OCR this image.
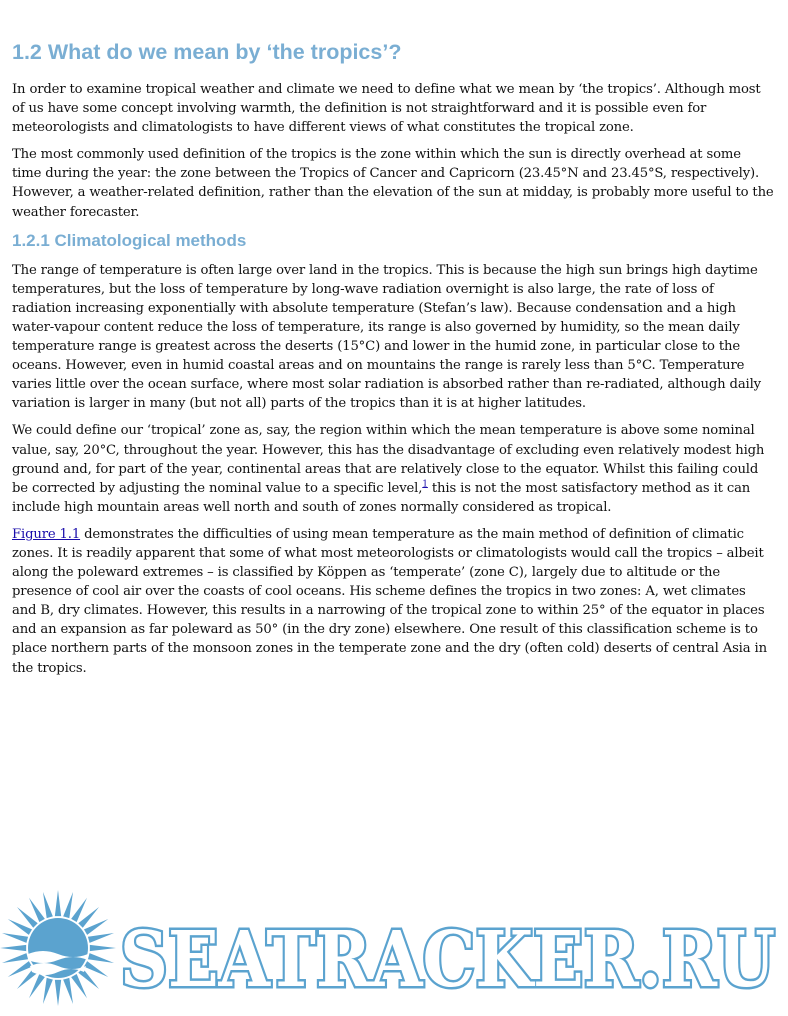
1.2 What do we mean by ‘the tropics’?

In order to examine tropical weather and climate we need to define what we mean by ‘the tropics’. Although most of us have some concept involving warmth, the definition is not straightforward and it is possible even for meteorologists and climatologists to have different views of what constitutes the tropical zone.

The most commonly used definition of the tropics is the zone within which the sun is directly overhead at some time during the year: the zone between the Tropics of Cancer and Capricorn (23.45°N and 23.45°S, respectively). However, a weather-related definition, rather than the elevation of the sun at midday, is probably more useful to the weather forecaster.

1.2.1 Climatological methods

The range of temperature is often large over land in the tropics. This is because the high sun brings high daytime temperatures, but the loss of temperature by long-wave radiation overnight is also large, the rate of loss of radiation increasing exponentially with absolute temperature (Stefan’s law). Because condensation and a high water-vapour content reduce the loss of temperature, its range is also governed by humidity, so the mean daily temperature range is greatest across the deserts (15°C) and lower in the humid zone, in particular close to the oceans. However, even in humid coastal areas and on mountains the range is rarely less than 5°C. Temperature varies little over the ocean surface, where most solar radiation is absorbed rather than re-radiated, although daily variation is larger in many (but not all) parts of the tropics than it is at higher latitudes.

We could define our ‘tropical’ zone as, say, the region within which the mean temperature is above some nominal value, say, 20°C, throughout the year. However, this has the disadvantage of excluding even relatively modest high ground and, for part of the year, continental areas that are relatively close to the equator. Whilst this failing could be corrected by adjusting the nominal value to a specific level,$^1$ this is not the most satisfactory method as it can include high mountain areas well north and south of zones normally considered as tropical.

Figure 1.1 demonstrates the difficulties of using mean temperature as the main method of definition of climatic zones. It is readily apparent that some of what most meteorologists or climatologists would call the tropics – albeit along the poleward extremes – is classified by Köppen as ‘temperate’ (zone C), largely due to altitude or the presence of cool air over the coasts of cool oceans. His scheme defines the tropics in two zones: A, wet climates and B, dry climates. However, this results in a narrowing of the tropical zone to within 25° of the equator in places and an expansion as far poleward as 50° (in the dry zone) elsewhere. One result of this classification scheme is to place northern parts of the monsoon zones in the temperate zone and the dry (often cold) deserts of central Asia in the tropics.

SEATRACKER.RU
SEATRACKER.RU
